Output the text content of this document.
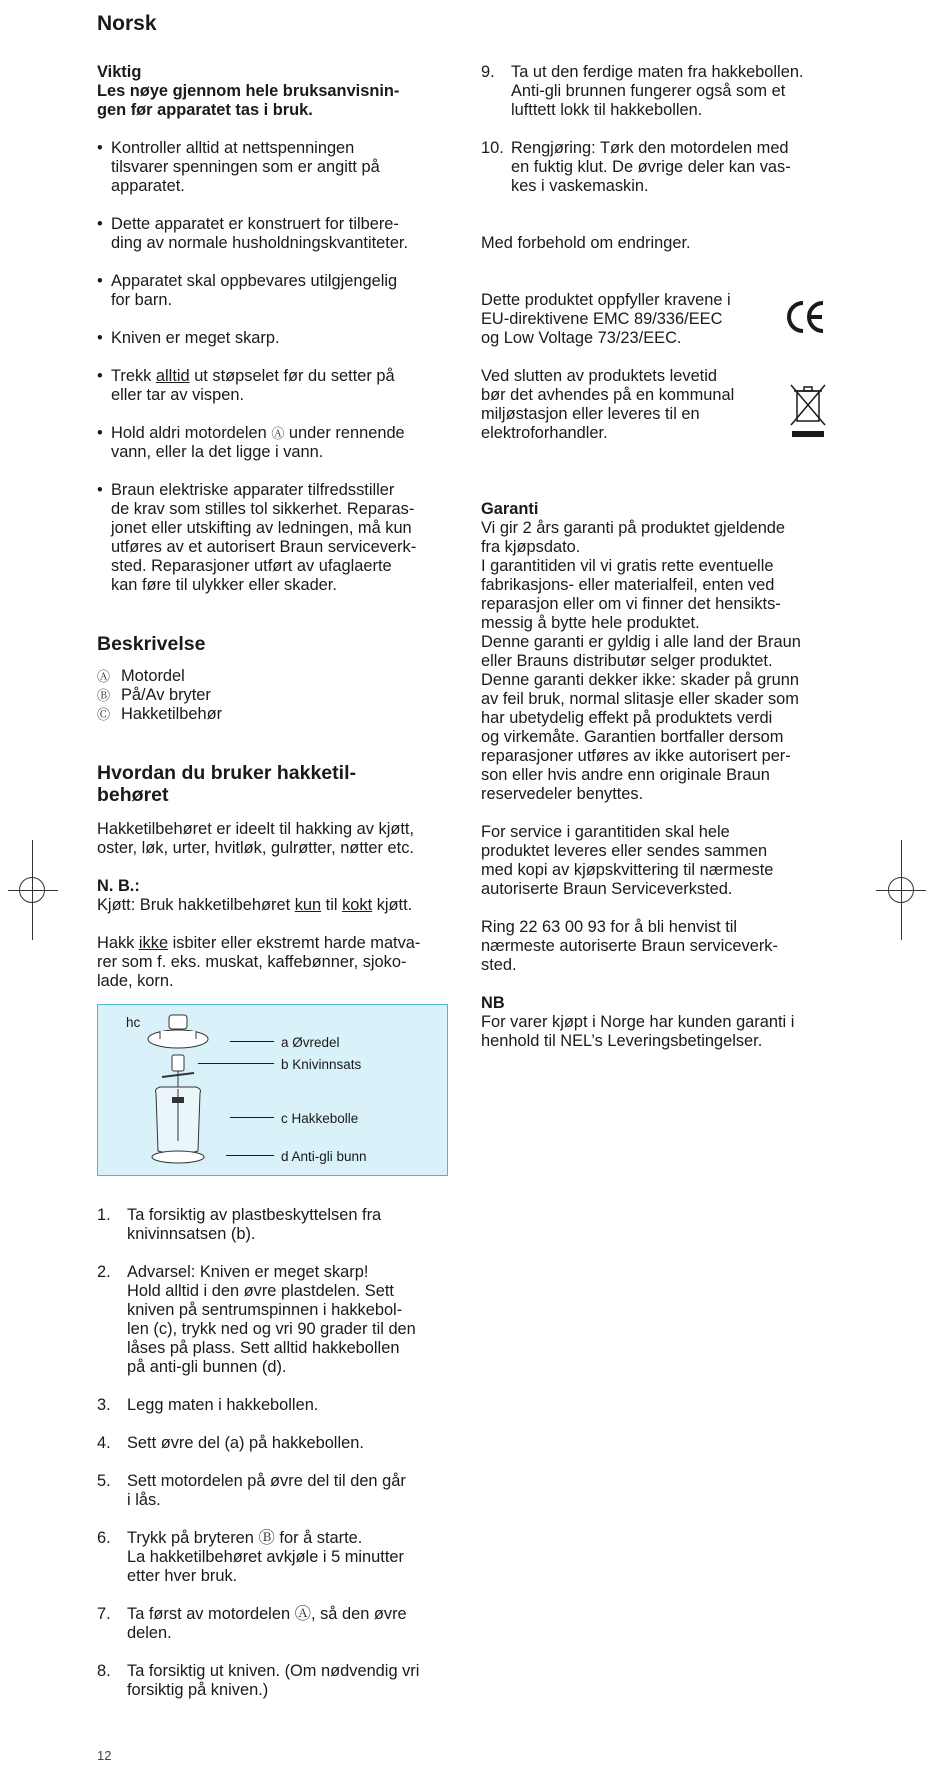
Norsk

Viktig

Les nøye gjennom hele bruksanvisnin-

gen før apparatet tas i bruk.

• Kontroller alltid at nettspenningen
tilsvarer spenningen som er angitt på
apparatet.
• Dette apparatet er konstruert for tilbere-
ding av normale husholdningskvantiteter.
• Apparatet skal oppbevares utilgjengelig
for barn.
• Kniven er meget skarp.
• Trekk alltid ut støpselet før du setter på
eller tar av vispen.
• Hold aldri motordelen Ⓐ under rennende
vann, eller la det ligge i vann.
• Braun elektriske apparater tilfredsstiller
de krav som stilles tol sikkerhet. Reparas-
jonet eller utskifting av ledningen, må kun
utføres av et autorisert Braun serviceverk-
sted. Reparasjoner utført av ufaglaerte
kan føre til ulykker eller skader.
Beskrivelse
Ⓐ Motordel
Ⓑ På/Av bryter
Ⓒ Hakketilbehør
Hvordan du bruker hakketil-
behøret

Hakketilbehøret er ideelt til hakking av kjøtt,

oster, løk, urter, hvitløk, gulrøtter, nøtter etc.

N. B.:

Kjøtt: Bruk hakketilbehøret kun til kokt kjøtt.

Hakk ikke isbiter eller ekstremt harde matva-

rer som f. eks. muskat, kaffebønner, sjoko-

lade, korn.

hc
a Øvredel
b Knivinnsats
c Hakkebolle
d Anti-gli bunn
1. Ta forsiktig av plastbeskyttelsen fra
knivinnsatsen (b).
2. Advarsel: Kniven er meget skarp!
Hold alltid i den øvre plastdelen. Sett
kniven på sentrumspinnen i hakkebol-
len (c), trykk ned og vri 90 grader til den
låses på plass. Sett alltid hakkebollen
på anti-gli bunnen (d).
3. Legg maten i hakkebollen.
4. Sett øvre del (a) på hakkebollen.
5. Sett motordelen på øvre del til den går
i lås.
6. Trykk på bryteren Ⓑ for å starte.
La hakketilbehøret avkjøle i 5 minutter
etter hver bruk.
7. Ta først av motordelen Ⓐ, så den øvre
delen.
8. Ta forsiktig ut kniven. (Om nødvendig vri
forsiktig på kniven.)
9. Ta ut den ferdige maten fra hakkebollen.
Anti-gli brunnen fungerer også som et
lufttett lokk til hakkebollen.
10. Rengjøring: Tørk den motordelen med
en fuktig klut. De øvrige deler kan vas-
kes i vaskemaskin.

Med forbehold om endringer.

Dette produktet oppfyller kravene i
EU-direktivene EMC 89/336/EEC
og Low Voltage 73/23/EEC.
Ved slutten av produktets levetid
bør det avhendes på en kommunal
miljøstasjon eller leveres til en
elektroforhandler.

Garanti

Vi gir 2 års garanti på produktet gjeldende
fra kjøpsdato.
I garantitiden vil vi gratis rette eventuelle
fabrikasjons- eller materialfeil, enten ved
reparasjon eller om vi finner det hensikts-
messig å bytte hele produktet.
Denne garanti er gyldig i alle land der Braun
eller Brauns distributør selger produktet.
Denne garanti dekker ikke: skader på grunn
av feil bruk, normal slitasje eller skader som
har ubetydelig effekt på produktets verdi
og virkemåte. Garantien bortfaller dersom
reparasjoner utføres av ikke autorisert per-
son eller hvis andre enn originale Braun
reservedeler benyttes.
For service i garantitiden skal hele
produktet leveres eller sendes sammen
med kopi av kjøpskvittering til nærmeste
autoriserte Braun Serviceverksted.
Ring 22 63 00 93 for å bli henvist til
nærmeste autoriserte Braun serviceverk-
sted.

NB

For varer kjøpt i Norge har kunden garanti i
henhold til NEL’s Leveringsbetingelser.
12
